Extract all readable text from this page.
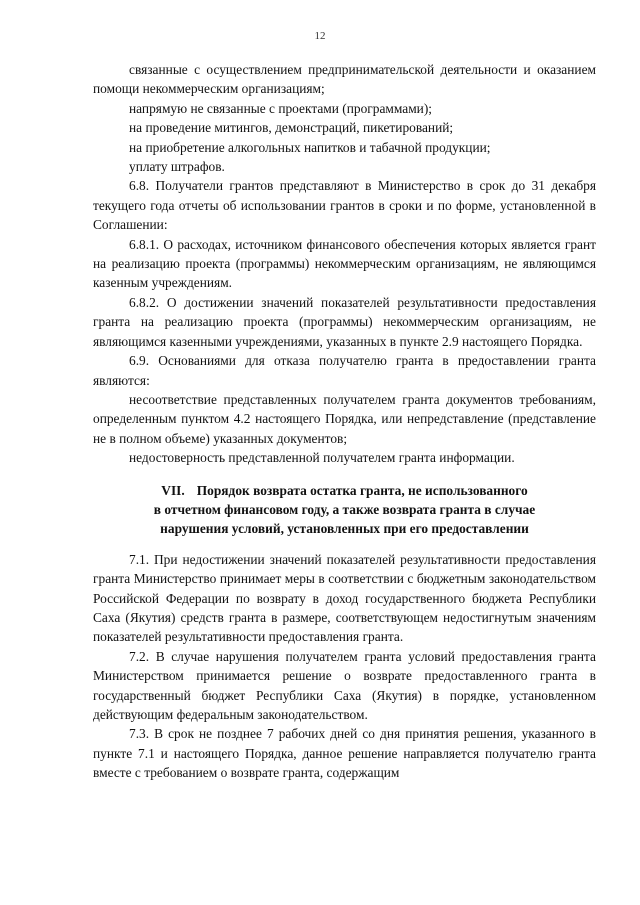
12

связанные с осуществлением предпринимательской деятельности и оказанием помощи некоммерческим организациям;

напрямую не связанные с проектами (программами);

на проведение митингов, демонстраций, пикетирований;

на приобретение алкогольных напитков и табачной продукции;

уплату штрафов.

6.8. Получатели грантов представляют в Министерство в срок до 31 декабря текущего года отчеты об использовании грантов в сроки и по форме, установленной в Соглашении:

6.8.1. О расходах, источником финансового обеспечения которых является грант на реализацию проекта (программы) некоммерческим организациям, не являющимся казенным учреждениям.

6.8.2. О достижении значений показателей результативности предоставления гранта на реализацию проекта (программы) некоммерческим организациям, не являющимся казенными учреждениями, указанных в пункте 2.9 настоящего Порядка.

6.9. Основаниями для отказа получателю гранта в предоставлении гранта являются:

несоответствие представленных получателем гранта документов требованиям, определенным пунктом 4.2 настоящего Порядка, или непредставление (представление не в полном объеме) указанных документов;

недостоверность представленной получателем гранта информации.

VII. Порядок возврата остатка гранта, не использованного
в отчетном финансовом году, а также возврата гранта в случае
нарушения условий, установленных при его предоставлении

7.1. При недостижении значений показателей результативности предоставления гранта Министерство принимает меры в соответствии с бюджетным законодательством Российской Федерации по возврату в доход государственного бюджета Республики Саха (Якутия) средств гранта в размере, соответствующем недостигнутым значениям показателей результативности предоставления гранта.

7.2. В случае нарушения получателем гранта условий предоставления гранта Министерством принимается решение о возврате предоставленного гранта в государственный бюджет Республики Саха (Якутия) в порядке, установленном действующим федеральным законодательством.

7.3. В срок не позднее 7 рабочих дней со дня принятия решения, указанного в пункте 7.1 и настоящего Порядка, данное решение направляется получателю гранта вместе с требованием о возврате гранта, содержащим
